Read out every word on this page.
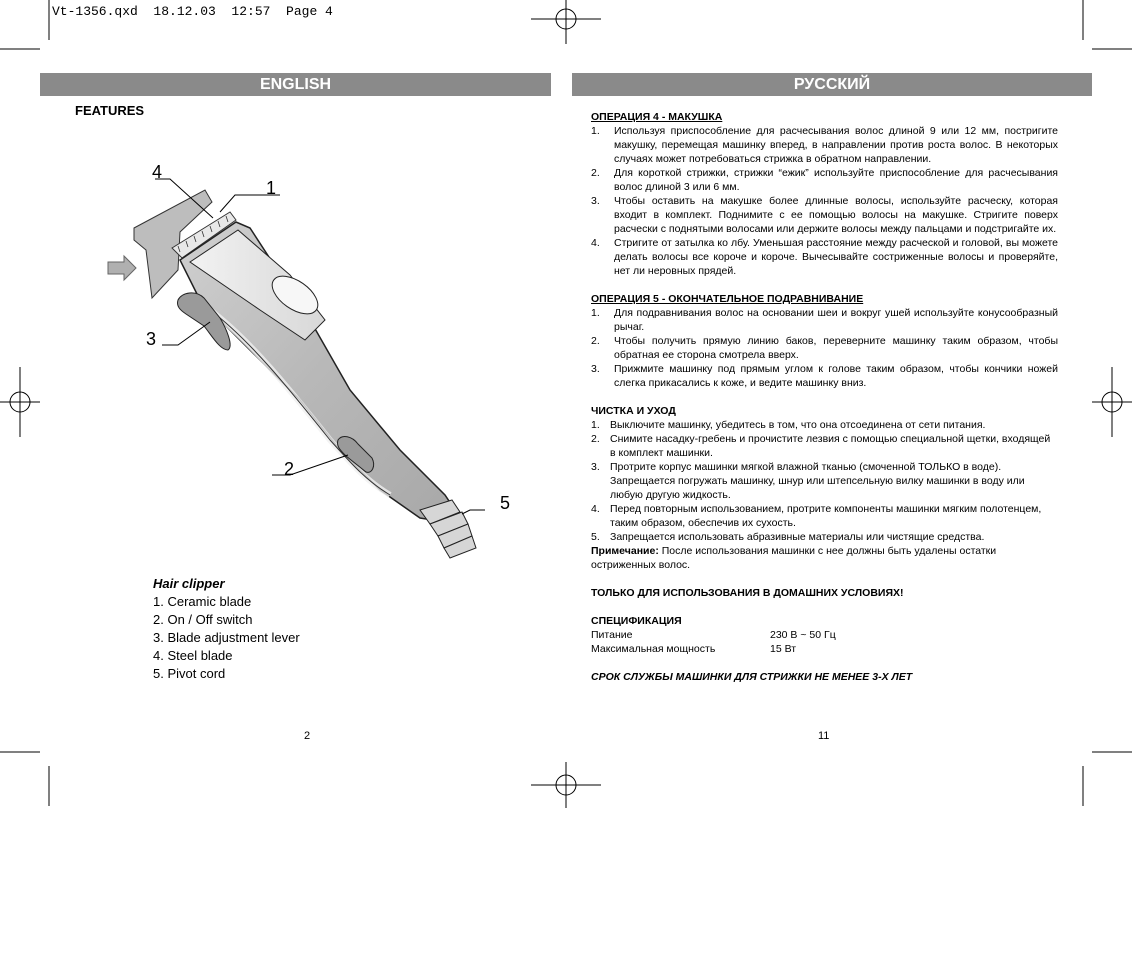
Vt-1356.qxd  18.12.03  12:57  Page 4
ENGLISH	РУССКИЙ
FEATURES
4
1
3
2
5
Hair clipper
1. Ceramic blade
2. On / Off switch
3. Blade adjustment lever
4. Steel blade
5. Pivot cord
2
ОПЕРАЦИЯ 4 - МАКУШКА
1. Используя приспособление для расчесывания волос длиной 9 или 12 мм, постригите макушку, перемещая машинку вперед, в направлении против роста волос. В некоторых случаях может потребоваться стрижка в обратном направлении.
2. Для короткой стрижки, стрижки “ежик” используйте приспособление для расчесывания волос длиной 3 или 6 мм.
3. Чтобы оставить на макушке более длинные волосы, используйте расческу, которая входит в комплект. Поднимите с ее помощью волосы на макушке. Стригите поверх расчески с поднятыми волосами или держите волосы между пальцами и подстригайте их.
4. Стригите от затылка ко лбу. Уменьшая расстояние между расческой и головой, вы можете делать волосы все короче и короче. Вычесывайте состриженные волосы и проверяйте, нет ли неровных прядей.
ОПЕРАЦИЯ 5 - ОКОНЧАТЕЛЬНОЕ ПОДРАВНИВАНИЕ
1. Для подравнивания волос на основании шеи и вокруг ушей используйте конусообразный рычаг.
2. Чтобы получить прямую линию баков, переверните машинку таким образом, чтобы обратная ее сторона смотрела вверх.
3. Прижмите машинку под прямым углом к голове таким образом, чтобы кончики ножей слегка прикасались к коже, и ведите машинку вниз.
ЧИСТКА И УХОД
1. Выключите машинку, убедитесь в том, что она отсоединена от сети питания.
2. Снимите насадку-гребень и прочистите лезвия с помощью специальной щетки, входящей в комплект машинки.
3. Протрите корпус машинки мягкой влажной тканью (смоченной ТОЛЬКО в воде). Запрещается погружать машинку, шнур или штепсельную вилку машинки в воду или любую другую жидкость.
4. Перед повторным использованием, протрите компоненты машинки мягким полотенцем, таким образом, обеспечив их сухость.
5. Запрещается использовать абразивные материалы или чистящие средства.
Примечание: После использования машинки с нее должны быть удалены остатки остриженных волос.
ТОЛЬКО ДЛЯ ИСПОЛЬЗОВАНИЯ В ДОМАШНИХ УСЛОВИЯХ!
СПЕЦИФИКАЦИЯ
Питание	230 В ~ 50 Гц
Максимальная мощность	15 Вт
СРОК СЛУЖБЫ МАШИНКИ ДЛЯ СТРИЖКИ НЕ МЕНЕЕ 3-Х ЛЕТ
11
